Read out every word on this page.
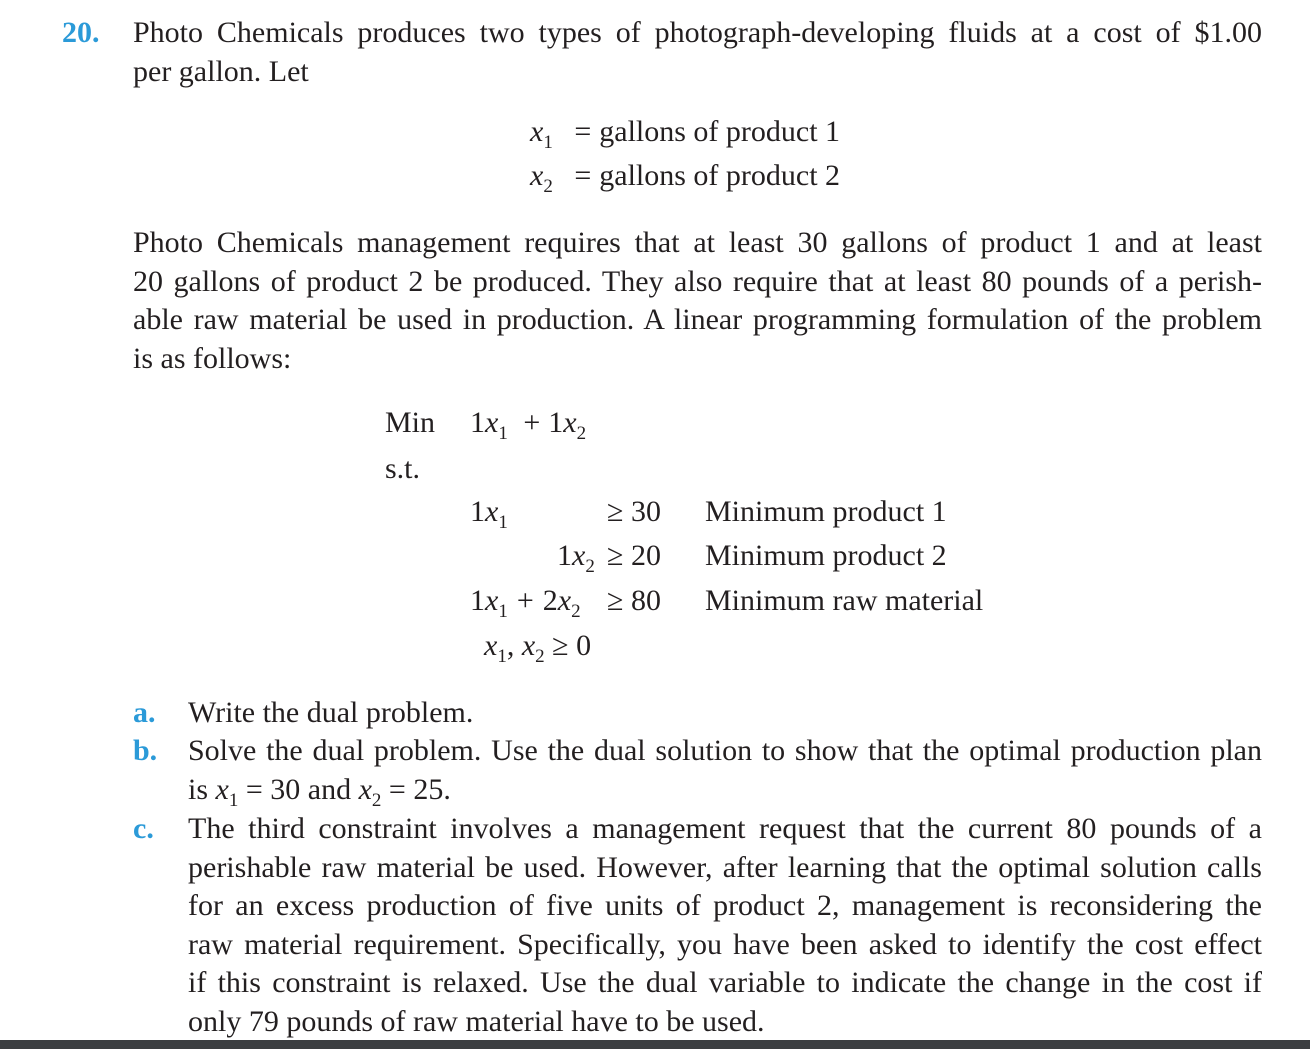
20. Photo Chemicals produces two types of photograph-developing fluids at a cost of $1.00
per gallon. Let
$x_1$ = gallons of product 1
$x_2$ = gallons of product 2
Photo Chemicals management requires that at least 30 gallons of product 1 and at least
20 gallons of product 2 be produced. They also require that at least 80 pounds of a perish-
able raw material be used in production. A linear programming formulation of the problem
is as follows:
Min $1x_1 + 1x_2$
s.t.
$1x_1$	≥ 30 Minimum product 1
$1x_2 \ge 20$ Minimum product 2
$1x_1 + 2x_2 \ge 80$ Minimum raw material
$x_1$, $x_2 \ge 0$
a. Write the dual problem.
b. Solve the dual problem. Use the dual solution to show that the optimal production plan
is $x_1 = 30$ and $x_2 = 25$.
c. The third constraint involves a management request that the current 80 pounds of a
perishable raw material be used. However, after learning that the optimal solution calls
for an excess production of five units of product 2, management is reconsidering the
raw material requirement. Specifically, you have been asked to identify the cost effect
if this constraint is relaxed. Use the dual variable to indicate the change in the cost if
only 79 pounds of raw material have to be used.
